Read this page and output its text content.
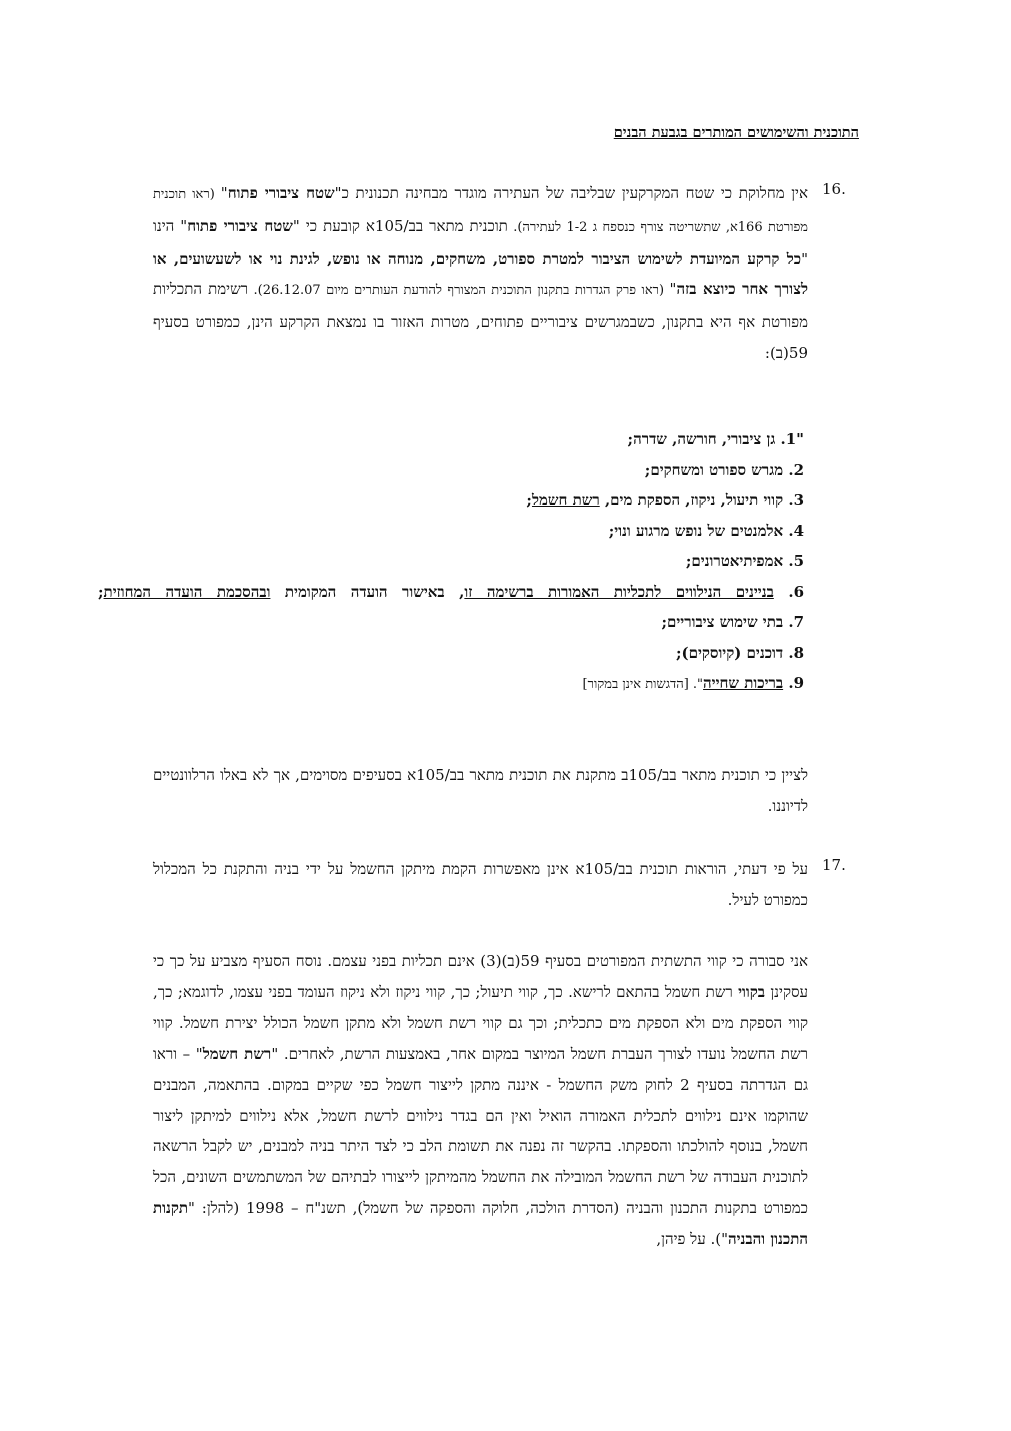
התוכנית והשימושים המותרים בגבעת הבנים
16.

אין מחלוקת כי שטח המקרקעין שבליבה של העתירה מוגדר מבחינה תכנונית כ"שטח ציבורי פתוח" (ראו תוכנית מפורטת 166א, שתשריטה צורף כנספח ג 1-2 לעתירה). תוכנית מתאר בב/105א קובעת כי "שטח ציבורי פתוח" הינו "כל קרקע המיועדת לשימוש הציבור למטרת ספורט, משחקים, מנוחה או נופש, לגינת נוי או לשעשועים, או לצורך אחר כיוצא בזה" (ראו פרק הגדרות בתקנון התוכנית המצורף להודעת העותרים מיום 26.12.07). רשימת התכליות מפורטת אף היא בתקנון, כשבמגרשים ציבוריים פתוחים, מטרות האזור בו נמצאת הקרקע הינן, כמפורט בסעיף 59(ב):

"1. גן ציבורי, חורשה, שדרה;
2. מגרש ספורט ומשחקים;
3. קווי תיעול, ניקוז, הספקת מים, רשת חשמל;
4. אלמנטים של נופש מרגוע ונוי;
5. אמפיתיאטרונים;
6. בניינים הנילווים לתכליות האמורות ברשימה זו, באישור הועדה המקומית ובהסכמת הועדה המחוזית;
7. בתי שימוש ציבוריים;
8. דוכנים (קיוסקים);
9. בריכות שחייה". [הדגשות אינן במקור]

לציין כי תוכנית מתאר בב/105ב מתקנת את תוכנית מתאר בב/105א בסעיפים מסוימים, אך לא באלו הרלוונטיים לדיוננו.

17.

על פי דעתי, הוראות תוכנית בב/105א אינן מאפשרות הקמת מיתקן החשמל על ידי בניה והתקנת כל המכלול כמפורט לעיל.

אני סבורה כי קווי התשתית המפורטים בסעיף 59(ב)(3) אינם תכליות בפני עצמם. נוסח הסעיף מצביע על כך כי עסקינן בקווי רשת חשמל בהתאם לרישא. כך, קווי תיעול; כך, קווי ניקוז ולא ניקוז העומד בפני עצמו, לדוגמא; כך, קווי הספקת מים ולא הספקת מים כתכלית; וכך גם קווי רשת חשמל ולא מתקן חשמל הכולל יצירת חשמל. קווי רשת החשמל נועדו לצורך העברת חשמל המיוצר במקום אחר, באמצעות הרשת, לאחרים. "רשת חשמל" – וראו גם הגדרתה בסעיף 2 לחוק משק החשמל - איננה מתקן לייצור חשמל כפי שקיים במקום. בהתאמה, המבנים שהוקמו אינם נילווים לתכלית האמורה הואיל ואין הם בגדר נילווים לרשת חשמל, אלא נילווים למיתקן ליצור חשמל, בנוסף להולכתו והספקתו. בהקשר זה נפנה את תשומת הלב כי לצד היתר בניה למבנים, יש לקבל הרשאה לתוכנית העבודה של רשת החשמל המובילה את החשמל מהמיתקן לייצורו לבתיהם של המשתמשים השונים, הכל כמפורט בתקנות התכנון והבניה (הסדרת הולכה, חלוקה והספקה של חשמל), תשנ"ח – 1998 (להלן: "תקנות התכנון והבניה"). על פיהן,
